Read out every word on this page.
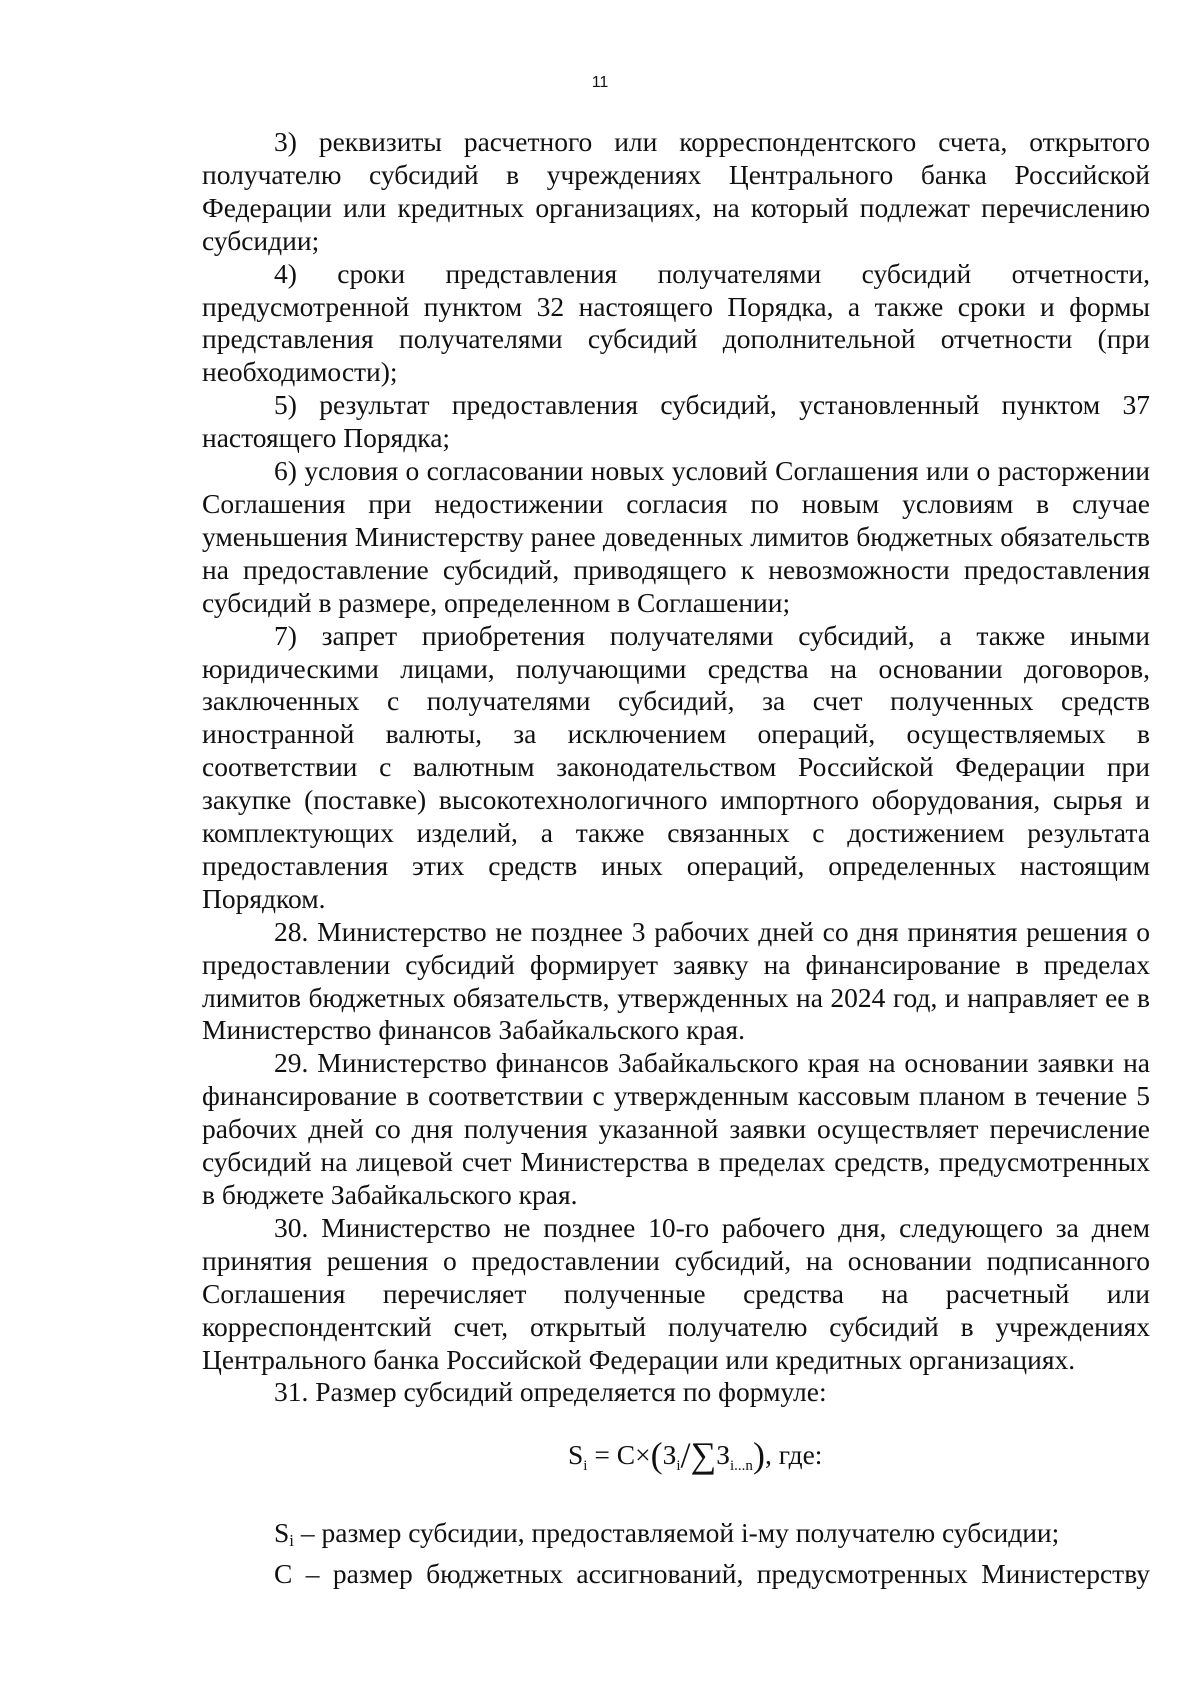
11

3) реквизиты расчетного или корреспондентского счета, открытого получателю субсидий в учреждениях Центрального банка Российской Федерации или кредитных организациях, на который подлежат перечислению субсидии;

4) сроки представления получателями субсидий отчетности, предусмотренной пунктом 32 настоящего Порядка, а также сроки и формы представления получателями субсидий дополнительной отчетности (при необходимости);

5) результат предоставления субсидий, установленный пунктом 37 настоящего Порядка;

6) условия о согласовании новых условий Соглашения или о расторжении Соглашения при недостижении согласия по новым условиям в случае уменьшения Министерству ранее доведенных лимитов бюджетных обязательств на предоставление субсидий, приводящего к невозможности предоставления субсидий в размере, определенном в Соглашении;

7) запрет приобретения получателями субсидий, а также иными юридическими лицами, получающими средства на основании договоров, заключенных с получателями субсидий, за счет полученных средств иностранной валюты, за исключением операций, осуществляемых в соответствии с валютным законодательством Российской Федерации при закупке (поставке) высокотехнологичного импортного оборудования, сырья и комплектующих изделий, а также связанных с достижением результата предоставления этих средств иных операций, определенных настоящим Порядком.

28. Министерство не позднее 3 рабочих дней со дня принятия решения о предоставлении субсидий формирует заявку на финансирование в пределах лимитов бюджетных обязательств, утвержденных на 2024 год, и направляет ее в Министерство финансов Забайкальского края.

29. Министерство финансов Забайкальского края на основании заявки на финансирование в соответствии с утвержденным кассовым планом в течение 5 рабочих дней со дня получения указанной заявки осуществляет перечисление субсидий на лицевой счет Министерства в пределах средств, предусмотренных в бюджете Забайкальского края.

30. Министерство не позднее 10-го рабочего дня, следующего за днем принятия решения о предоставлении субсидий, на основании подписанного Соглашения перечисляет полученные средства на расчетный или корреспондентский счет, открытый получателю субсидий в учреждениях Центрального банка Российской Федерации или кредитных организациях.

31. Размер субсидий определяется по формуле:

$S_i = C\times(З_i/\sum З_{i...n})$, где:

$S_i$ – размер субсидии, предоставляемой i-му получателю субсидии;

С – размер бюджетных ассигнований, предусмотренных Министерству
